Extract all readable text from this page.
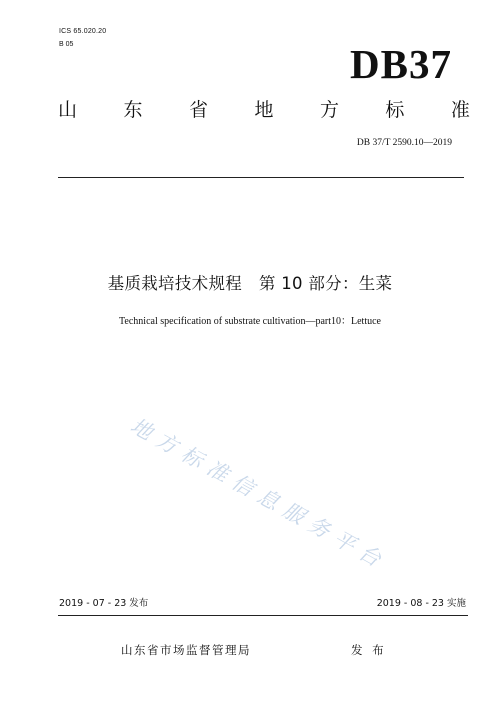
ICS 65.020.20
B 05	DB37
山 东 省 地 方 标 准
DB 37/T 2590.10—2019
基质栽培技术规程　第 10 部分：生菜
Technical specification of substrate cultivation—part10：Lettuce
地方标准信息服务平台
2019 - 07 - 23 发布	2019 - 08 - 23 实施
山东省市场监督管理局	发 布
